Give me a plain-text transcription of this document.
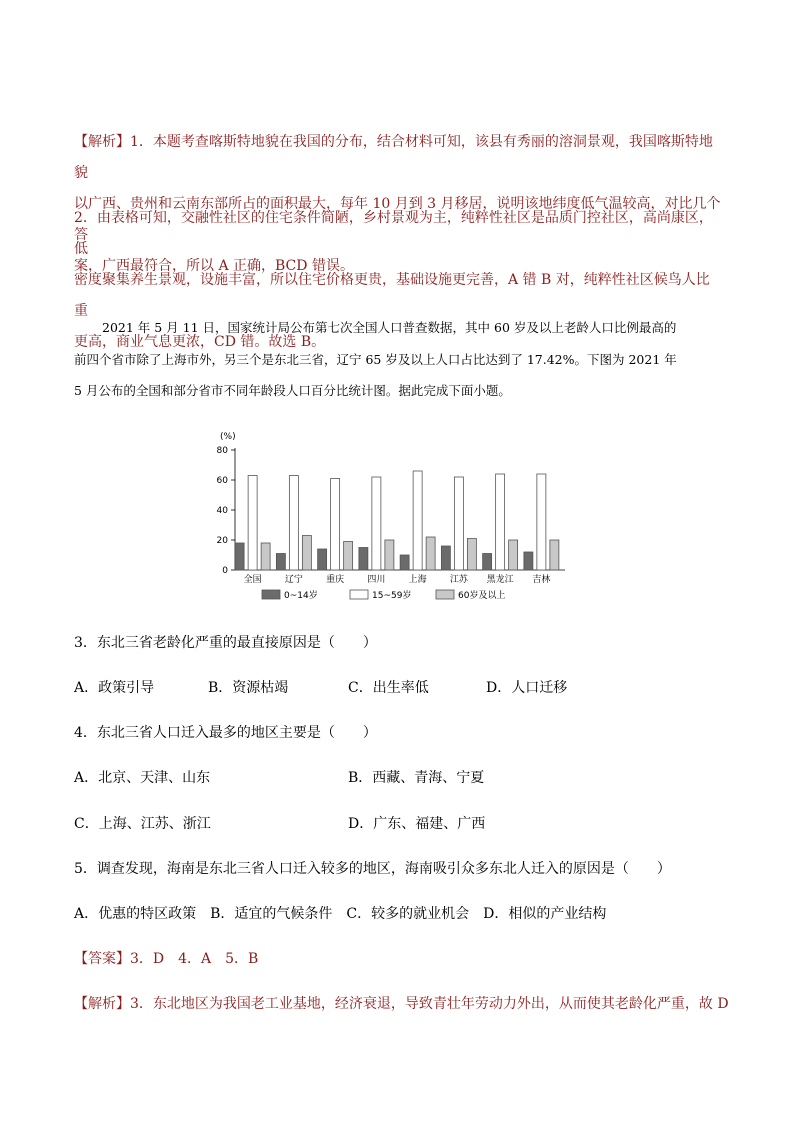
【解析】1．本题考查喀斯特地貌在我国的分布，结合材料可知，该县有秀丽的溶洞景观，我国喀斯特地貌

以广西、贵州和云南东部所占的面积最大，每年 10 月到 3 月移居，说明该地纬度低气温较高，对比几个答

案，广西最符合，所以 A 正确，BCD 错误。

2．由表格可知，交融性社区的住宅条件简陋，乡村景观为主，纯粹性社区是品质门控社区，高尚康区，低

密度聚集养生景观，设施丰富，所以住宅价格更贵，基础设施更完善，A 错 B 对，纯粹性社区候鸟人比重

更高，商业气息更浓，CD 错。故选 B。

2021 年 5 月 11 日，国家统计局公布第七次全国人口普查数据，其中 60 岁及以上老龄人口比例最高的
前四个省市除了上海市外，另三个是东北三省，辽宁 65 岁及以上人口占比达到了 17.42%。下图为 2021 年
5 月公布的全国和部分省市不同年龄段人口百分比统计图。据此完成下面小题。
(%)
0
20
40
60
80
全国	辽宁	重庆	四川	上海	江苏 黑龙江 吉林
0~14岁	15~59岁	60岁及以上
3．东北三省老龄化严重的最直接原因是（　　）
A．政策引导	B．资源枯竭	C．出生率低	D．人口迁移
4．东北三省人口迁入最多的地区主要是（　　）
A．北京、天津、山东	B．西藏、青海、宁夏
C．上海、江苏、浙江	D．广东、福建、广西
5．调查发现，海南是东北三省人口迁入较多的地区，海南吸引众多东北人迁入的原因是（　　）
A．优惠的特区政策　B．适宜的气候条件　C．较多的就业机会　D．相似的产业结构
【答案】3．D　4．A　5．B
【解析】3．东北地区为我国老工业基地，经济衰退，导致青壮年劳动力外出，从而使其老龄化严重，故 D
